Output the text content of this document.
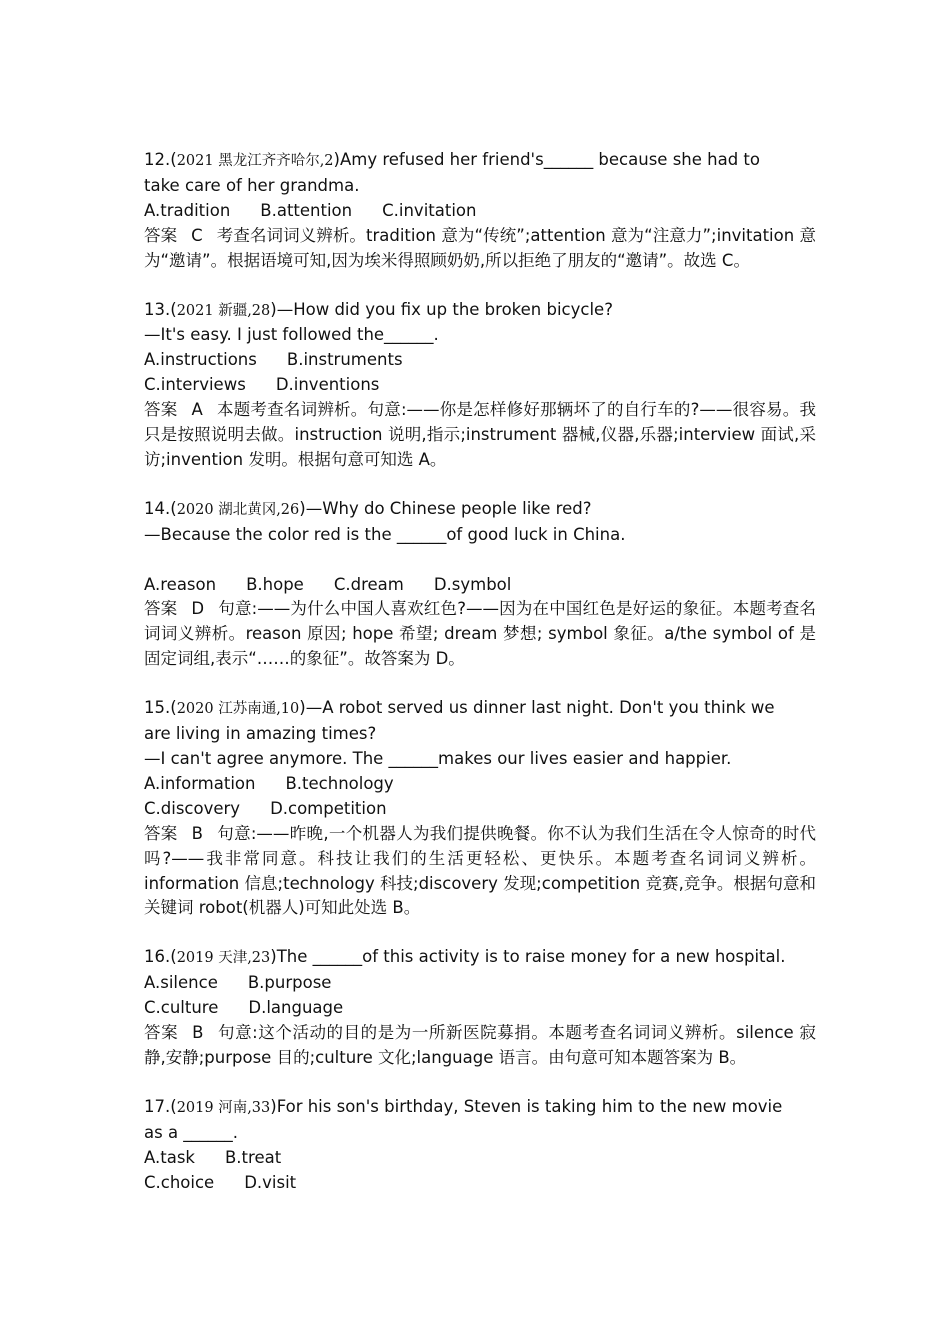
12.(2021 黑龙江齐齐哈尔,2)Amy refused her friend's______ because she had to

take care of her grandma.

A.tradition B.attention C.invitation

答案 C 考查名词词义辨析。tradition 意为“传统”;attention 意为“注意力”;invitation 意为“邀请”。根据语境可知,因为埃米得照顾奶奶,所以拒绝了朋友的“邀请”。故选 C。

13.(2021 新疆,28)—How did you fix up the broken bicycle?

—It's easy. I just followed the______.

A.instructions B.instruments

C.interviews D.inventions

答案 A 本题考查名词辨析。句意:——你是怎样修好那辆坏了的自行车的?——很容易。我只是按照说明去做。instruction 说明,指示;instrument 器械,仪器,乐器;interview 面试,采访;invention 发明。根据句意可知选 A。

14.(2020 湖北黄冈,26)—Why do Chinese people like red?

—Because the color red is the ______of good luck in China.

A.reason B.hope C.dream D.symbol

答案 D 句意:——为什么中国人喜欢红色?——因为在中国红色是好运的象征。本题考查名词词义辨析。reason 原因; hope 希望; dream 梦想; symbol 象征。a/the symbol of 是固定词组,表示“……的象征”。故答案为 D。

15.(2020 江苏南通,10)—A robot served us dinner last night. Don't you think we

are living in amazing times?

—I can't agree anymore. The ______makes our lives easier and happier.

A.information B.technology

C.discovery D.competition

答案 B 句意:——昨晚,一个机器人为我们提供晚餐。你不认为我们生活在令人惊奇的时代吗?——我非常同意。科技让我们的生活更轻松、更快乐。本题考查名词词义辨析。information 信息;technology 科技;discovery 发现;competition 竞赛,竞争。根据句意和关键词 robot(机器人)可知此处选 B。

16.(2019 天津,23)The ______of this activity is to raise money for a new hospital.

A.silence B.purpose

C.culture D.language

答案 B 句意:这个活动的目的是为一所新医院募捐。本题考查名词词义辨析。silence 寂静,安静;purpose 目的;culture 文化;language 语言。由句意可知本题答案为 B。

17.(2019 河南,33)For his son's birthday, Steven is taking him to the new movie

as a ______.

A.task B.treat

C.choice D.visit
